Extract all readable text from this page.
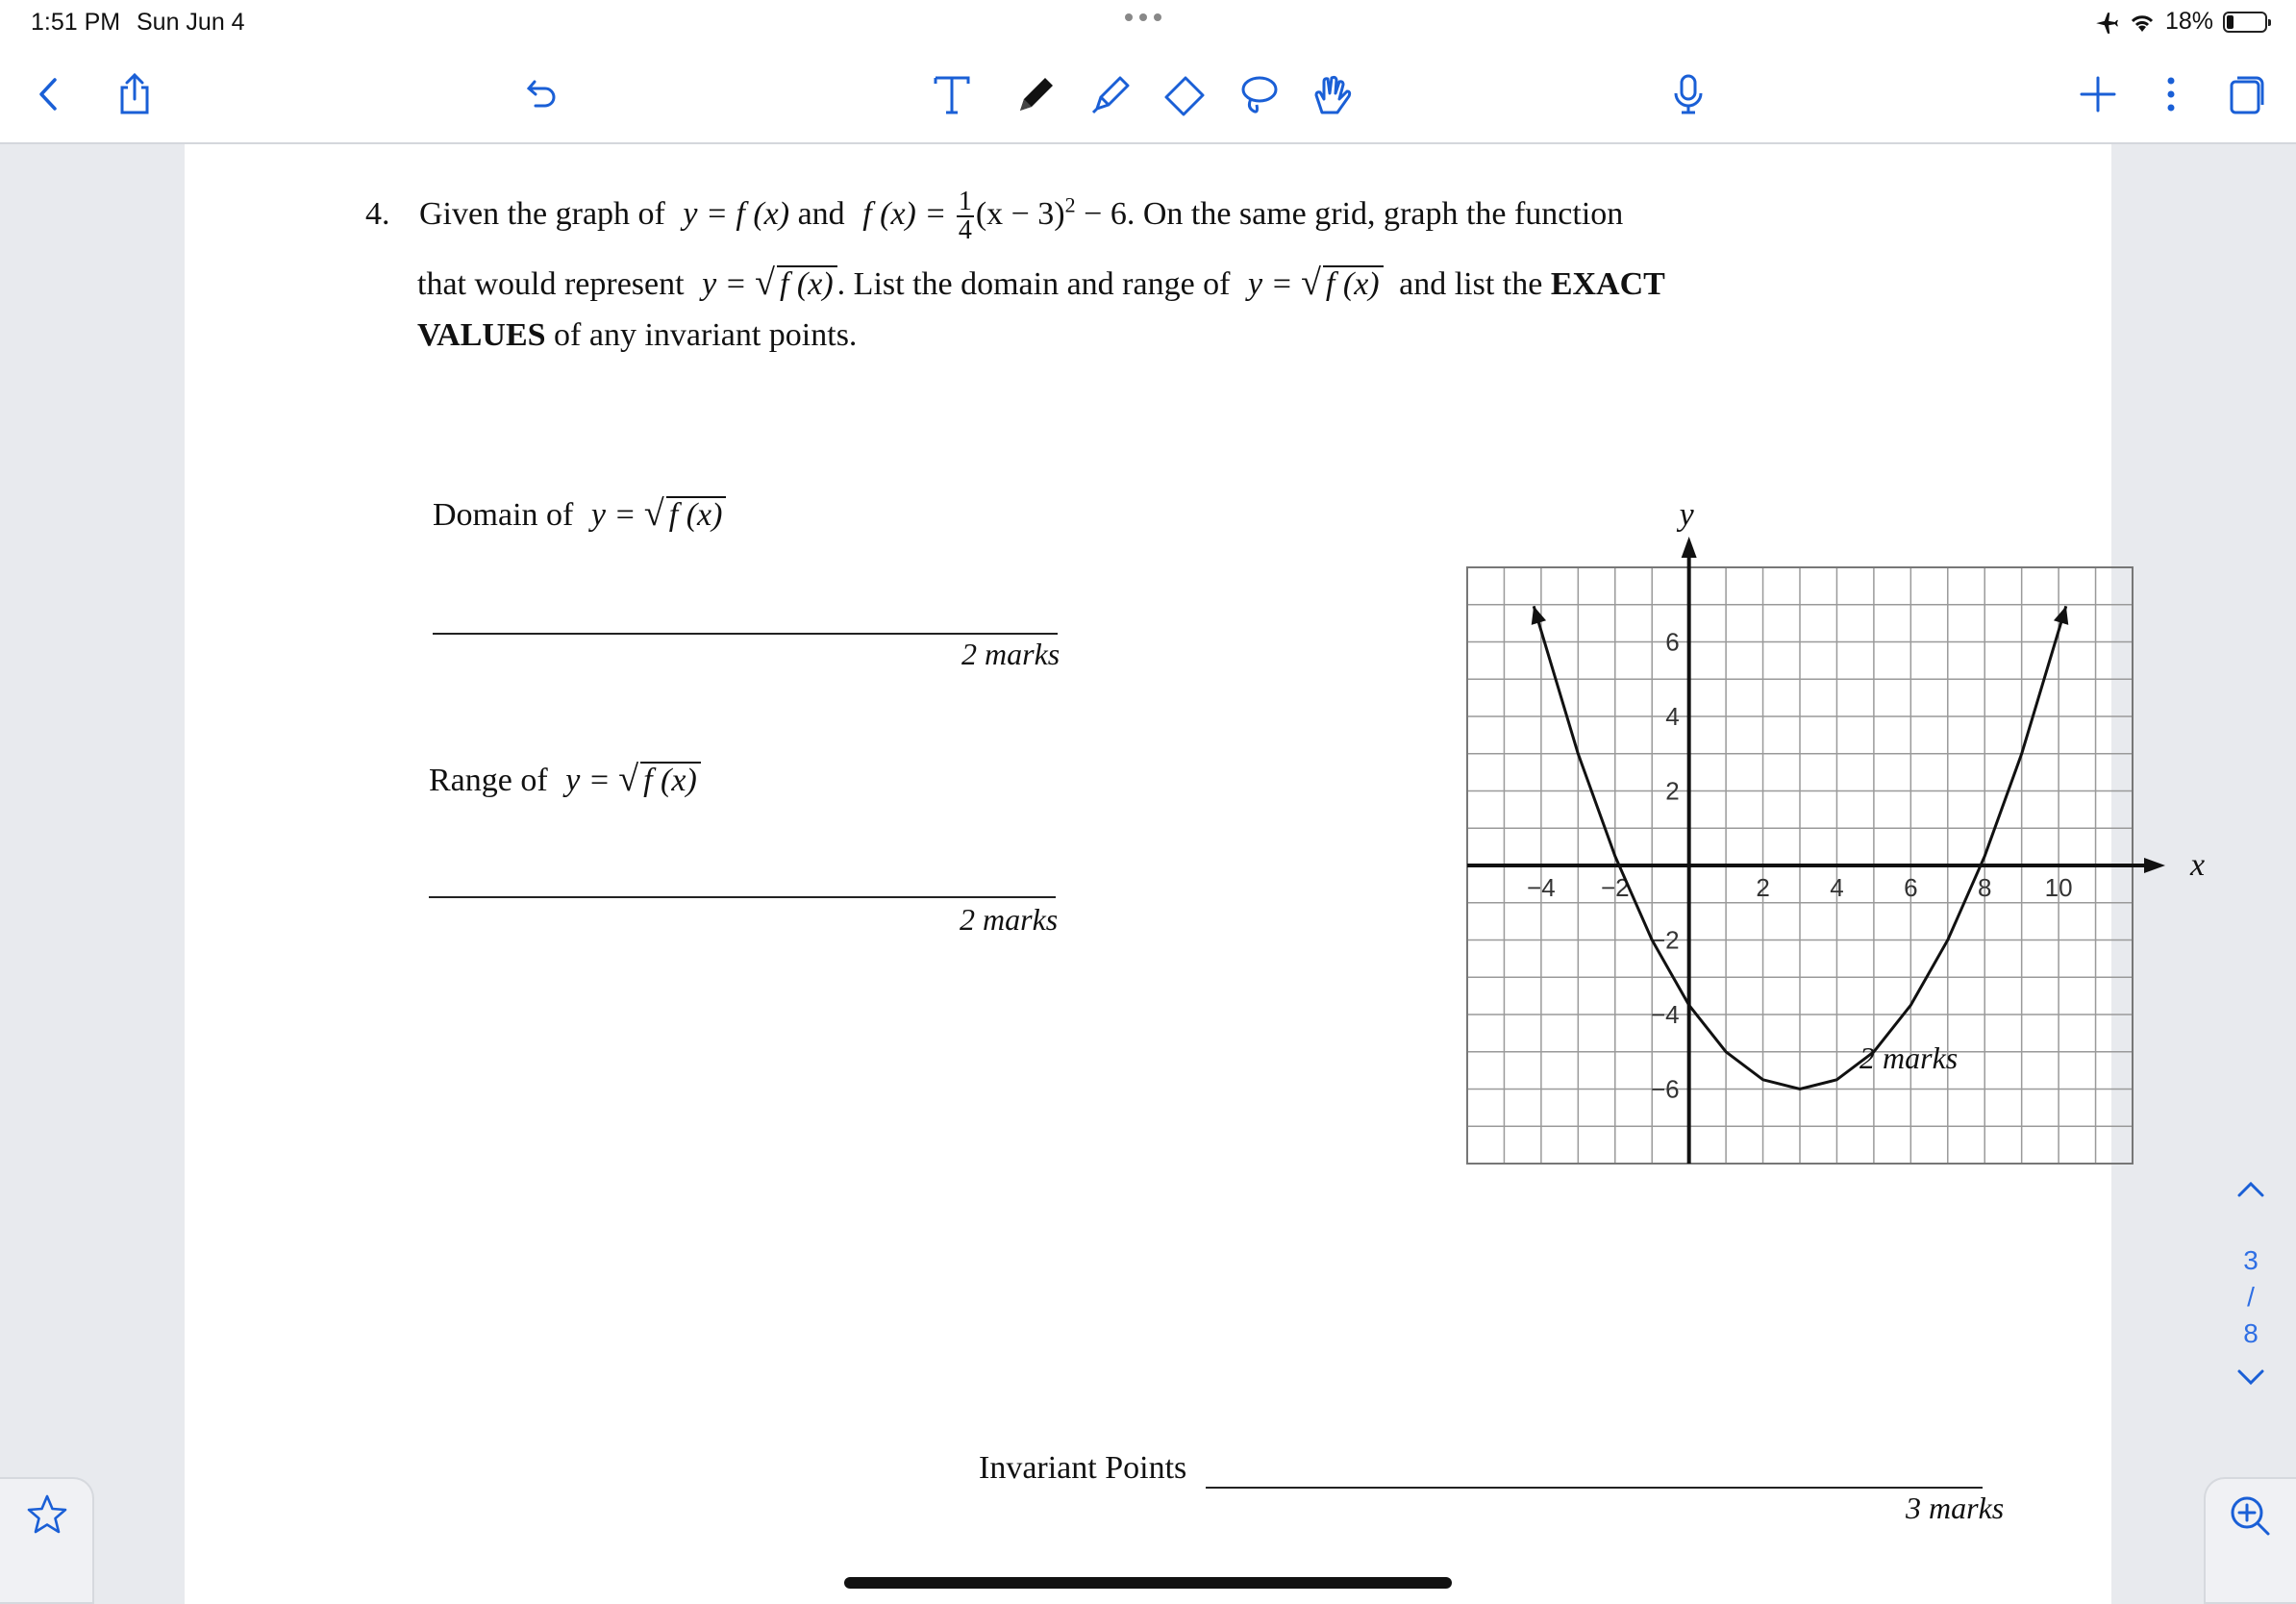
1:51 PM Sun Jun 4	18%
3
/
8
4. Given the graph of y = f (x) and f $(x) = \frac{1}{4} (x - 3)^2 - 6$. On the same grid, graph the function
that would represent y = √ f (x) . List the domain and range of y = √ f (x) and list the EXACT
VALUES of any invariant points.
Domain of y = √ f (x)
2 marks
Range of y = √ f (x)
2 marks
x
y
−4 −2	2 4 6 8 10
6
4
2
−2
−4
−6
2 marks
Invariant Points
3 marks
